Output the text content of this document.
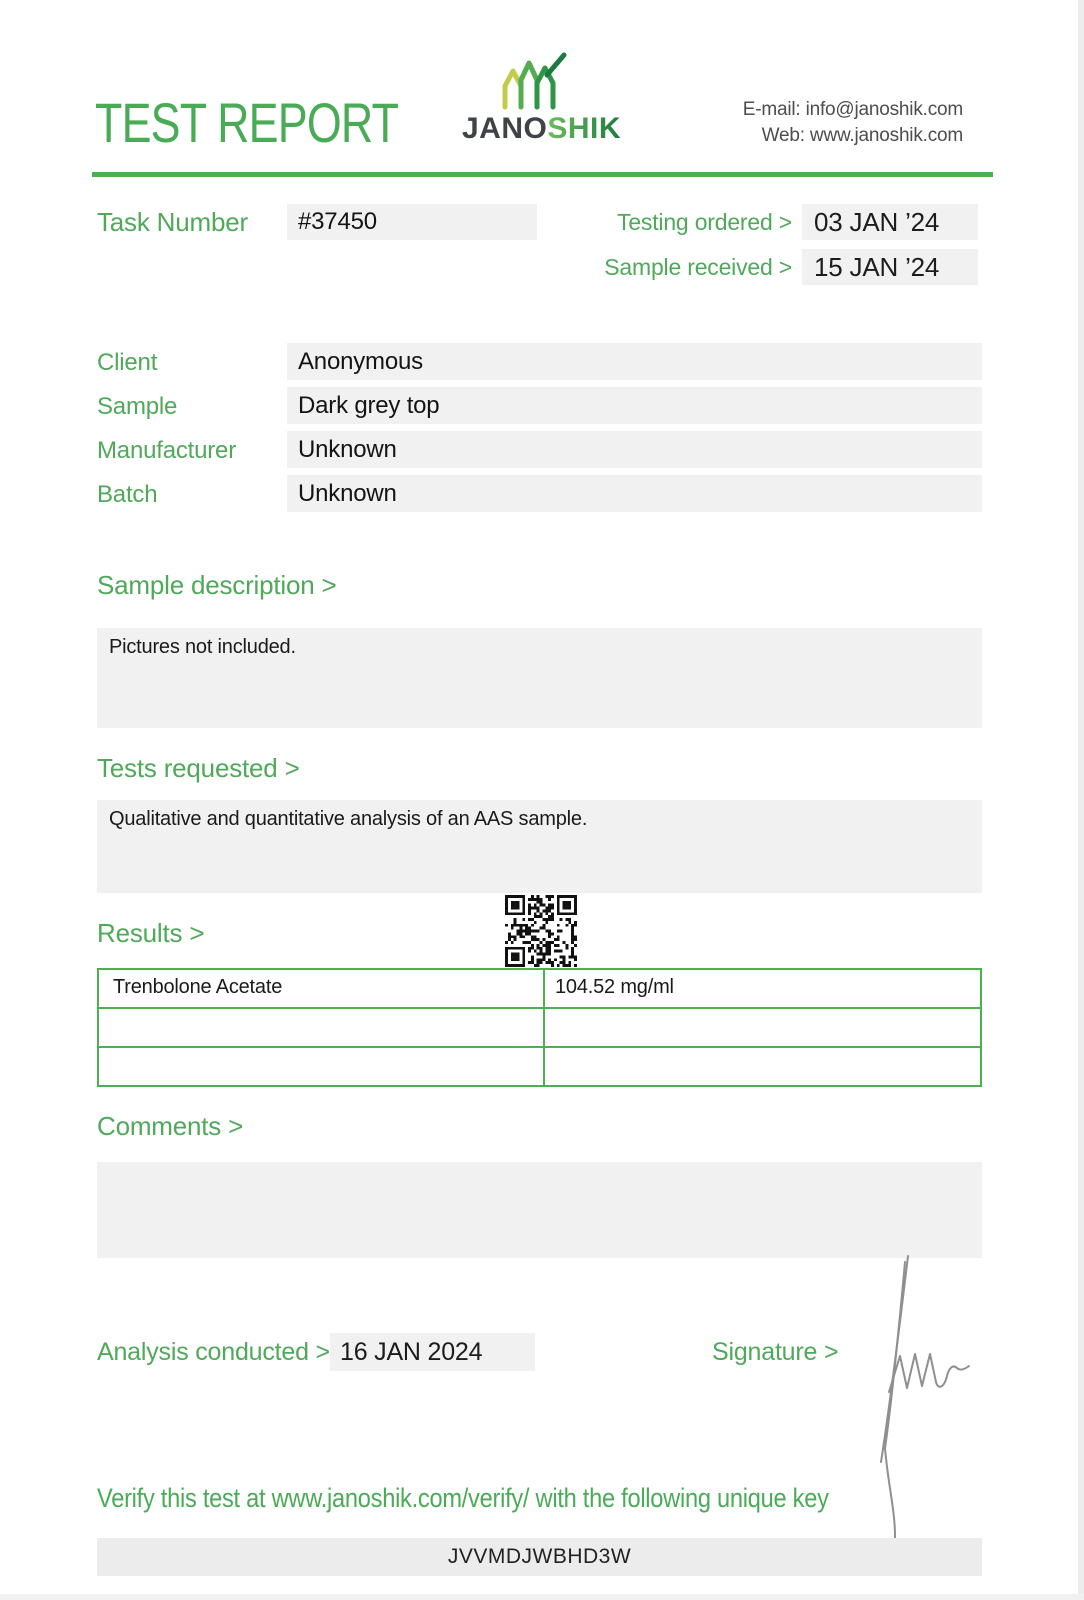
TEST REPORT JANOSHIK
E-mail: info@janoshik.com
Web: www.janoshik.com
Task Number	#37450	Testing ordered > 03 JAN ’24
Sample received > 15 JAN ’24
Client	Anonymous
Sample	Dark grey top
Manufacturer	Unknown
Batch	Unknown
Sample description >
Pictures not included.
Tests requested >
Qualitative and quantitative analysis of an AAS sample.
Results >
Trenbolone Acetate	104.52 mg/ml
Comments >
Analysis conducted > 16 JAN 2024	Signature >
Verify this test at www.janoshik.com/verify/ with the following unique key
JVVMDJWBHD3W
